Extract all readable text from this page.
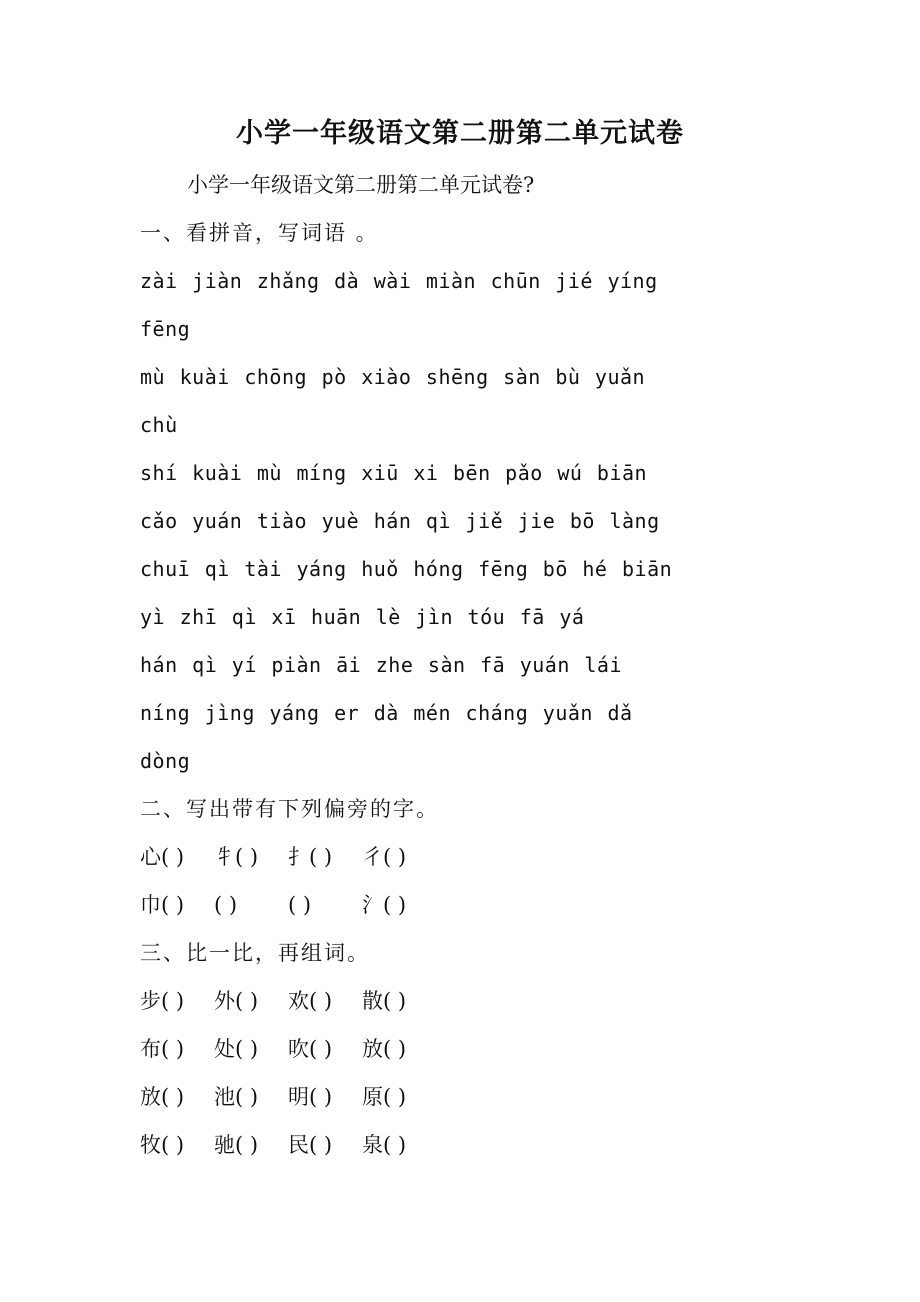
小学一年级语文第二册第二单元试卷

小学一年级语文第二册第二单元试卷?

一、看拼音，写词语 。

zài jiàn zhǎng dà wài miàn chūn jié yíng

fēng

mù kuài chōng pò xiào shēng sàn bù yuǎn

chù

shí kuài mù míng xiū xi bēn pǎo wú biān

cǎo yuán tiào yuè hán qì jiě jie bō làng

chuī qì tài yáng huǒ hóng fēng bō hé biān

yì zhī qì xī huān lè jìn tóu fā yá

hán qì yí piàn āi zhe sàn fā yuán lái

níng jìng yáng er dà mén cháng yuǎn dǎ

dòng

二、写出带有下列偏旁的字。

心( )	牜( )	扌( )	彳( )
巾( )	( )	( )	氵( )

三、比一比，再组词。

步( )	外( )	欢( )	散( )
布( )	处( )	吹( )	放( )
放( )	池( )	明( )	原( )
牧( )	驰( )	民( )	泉( )
